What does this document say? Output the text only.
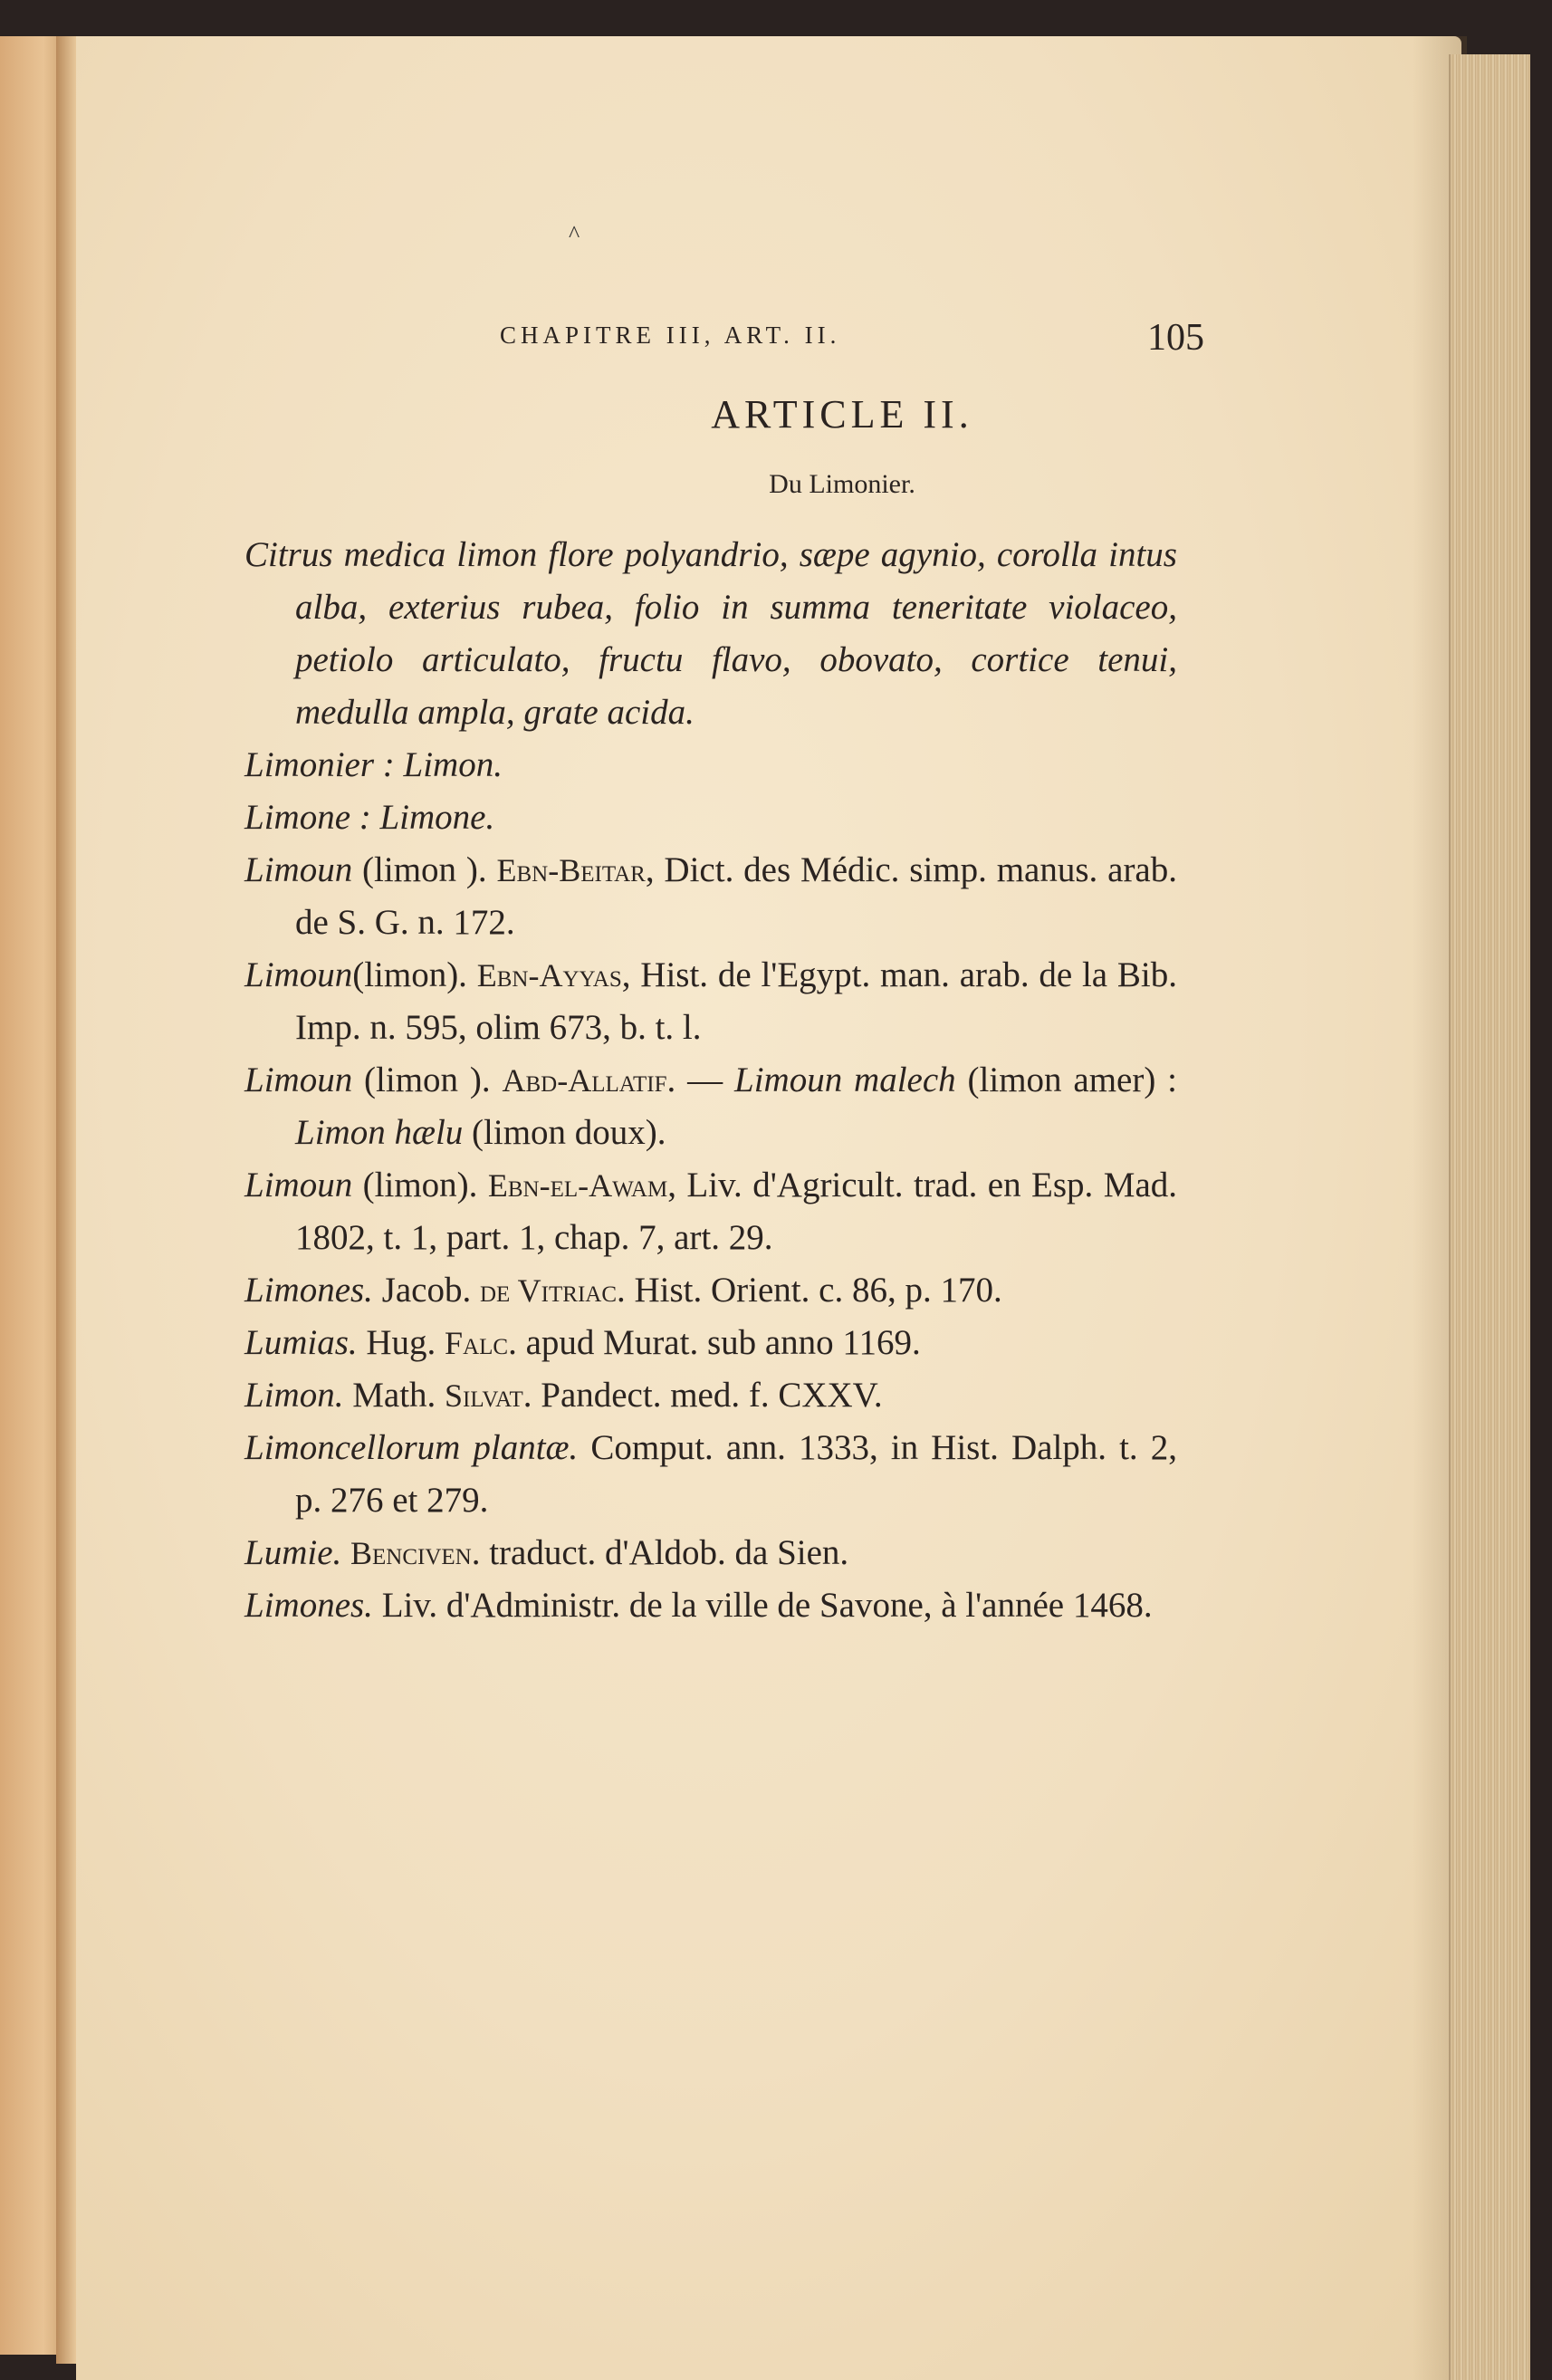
^
CHAPITRE III, ART. II.	105
ARTICLE II.
Du Limonier.

Citrus medica limon flore polyandrio, sæpe agynio, corolla intus alba, exterius rubea, folio in summa teneritate violaceo, petiolo articulato, fructu flavo, obovato, cortice tenui, medulla ampla, grate acida.

Limonier : Limon.

Limone : Limone.

Limoun (limon ). Ebn-Beitar, Dict. des Médic. simp. manus. arab. de S. G. n. 172.

Limoun(limon). Ebn-Ayyas, Hist. de l'Egypt. man. arab. de la Bib. Imp. n. 595, olim 673, b. t. l.

Limoun (limon ). Abd-Allatif. — Limoun malech (limon amer) : Limon hælu (limon doux).

Limoun (limon). Ebn-el-Awam, Liv. d'Agricult. trad. en Esp. Mad. 1802, t. 1, part. 1, chap. 7, art. 29.

Limones. Jacob. de Vitriac. Hist. Orient. c. 86, p. 170.

Lumias. Hug. Falc. apud Murat. sub anno 1169.

Limon. Math. Silvat. Pandect. med. f. CXXV.

Limoncellorum plantæ. Comput. ann. 1333, in Hist. Dalph. t. 2, p. 276 et 279.

Lumie. Benciven. traduct. d'Aldob. da Sien.

Limones. Liv. d'Administr. de la ville de Savone, à l'année 1468.
